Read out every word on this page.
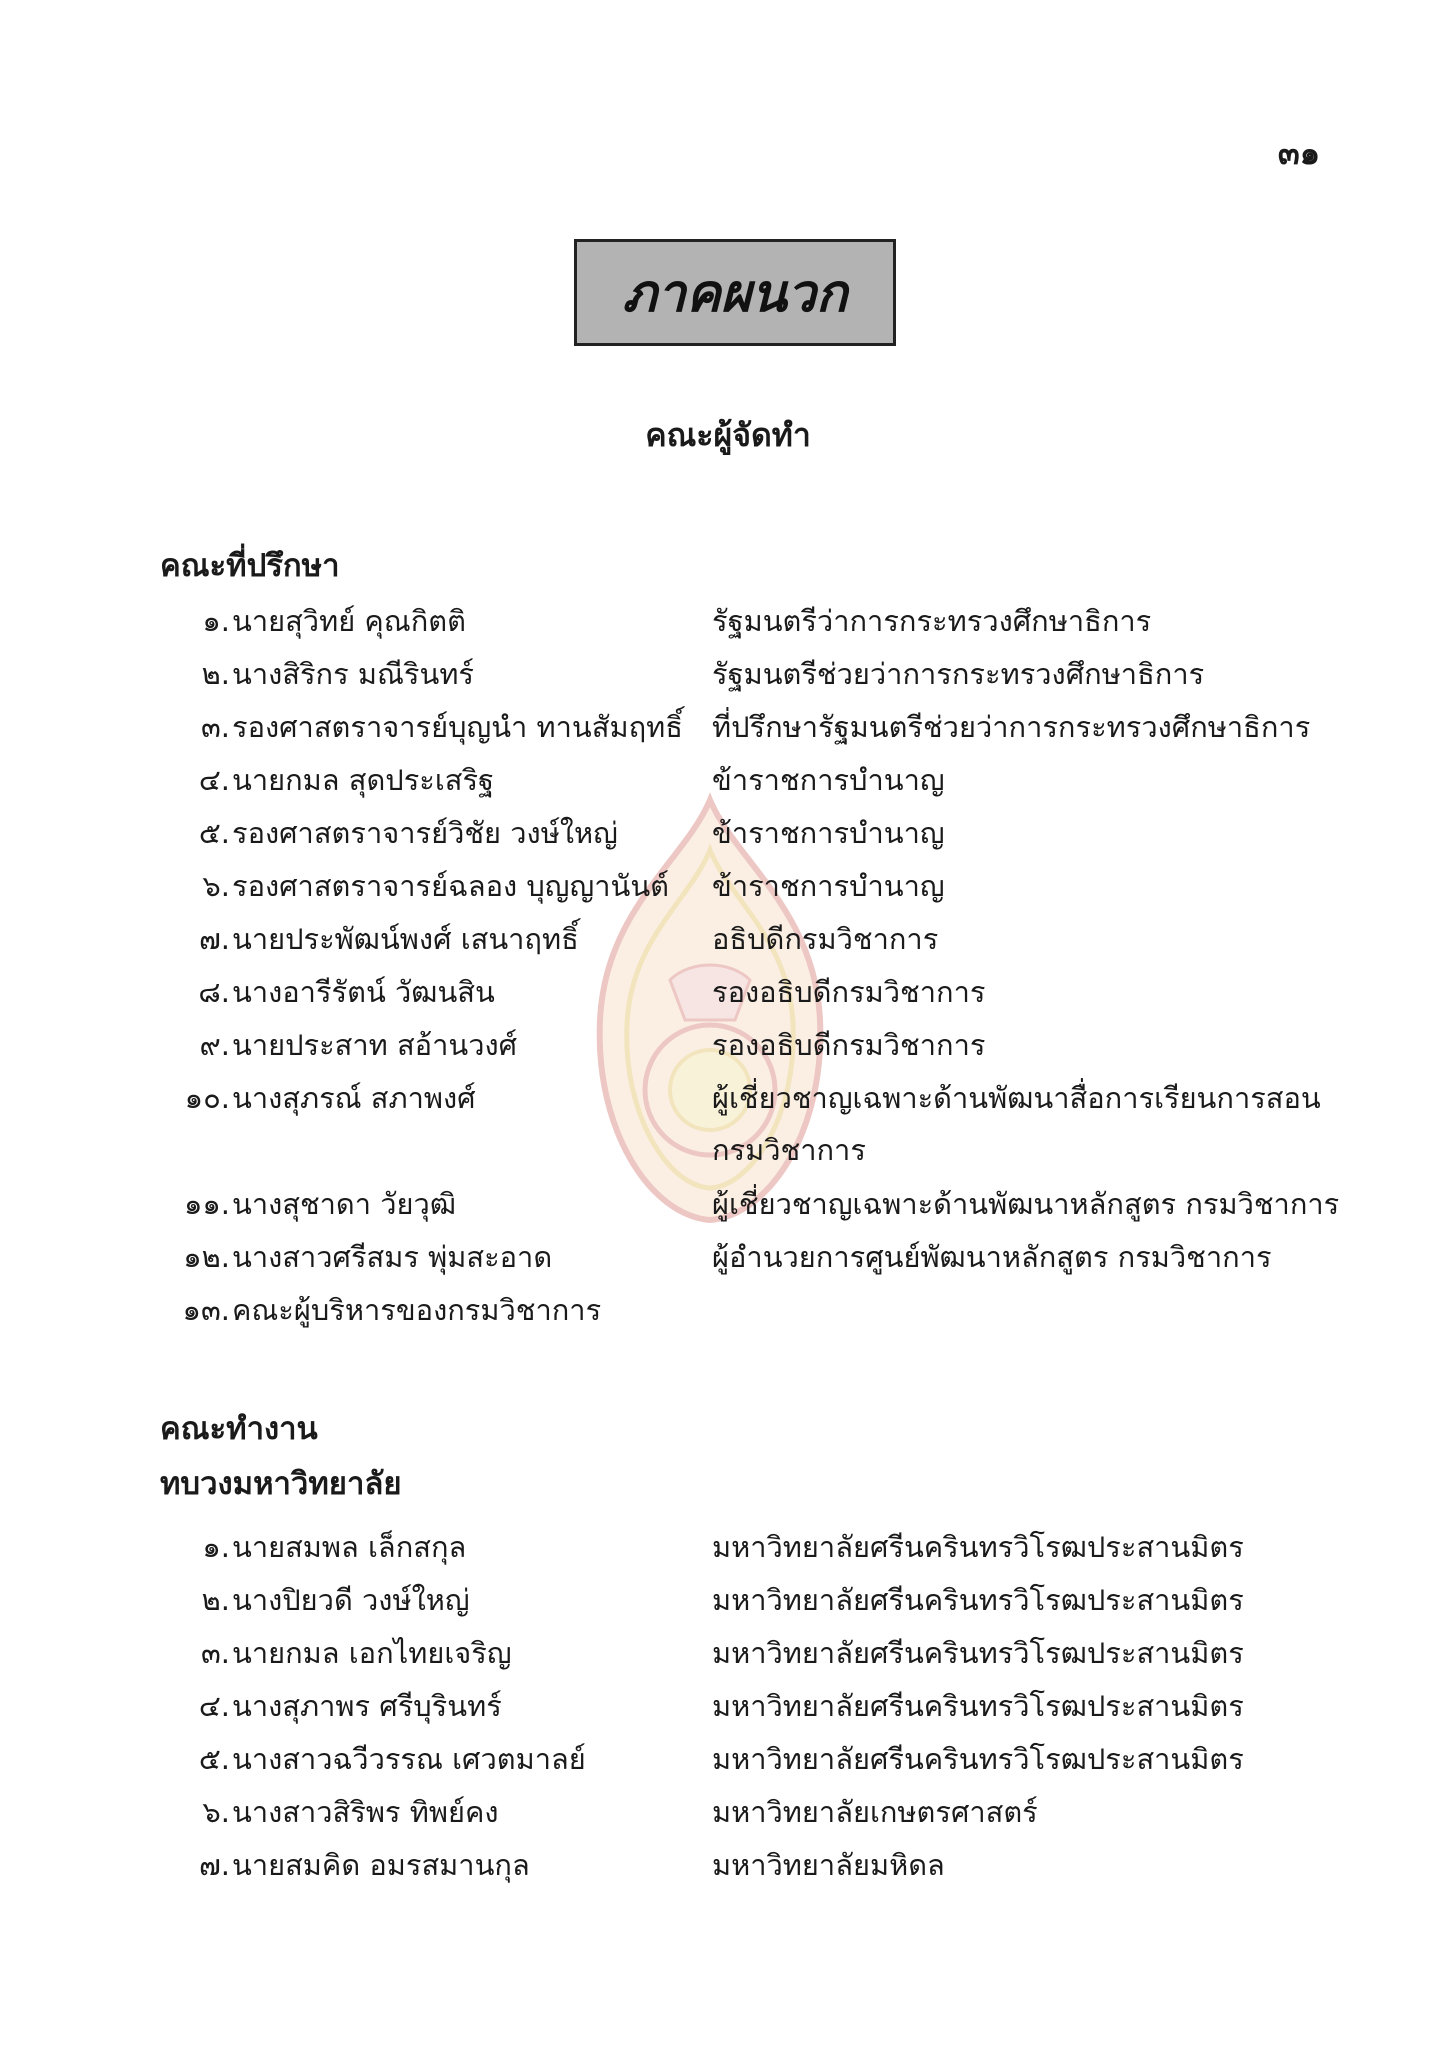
๓๑
ภาคผนวก
คณะผู้จัดทำ
คณะที่ปรึกษา
๑. นายสุวิทย์ คุณกิตติ	รัฐมนตรีว่าการกระทรวงศึกษาธิการ
๒. นางสิริกร มณีรินทร์	รัฐมนตรีช่วยว่าการกระทรวงศึกษาธิการ
๓. รองศาสตราจารย์บุญนำ ทานสัมฤทธิ์ ที่ปรึกษารัฐมนตรีช่วยว่าการกระทรวงศึกษาธิการ
๔. นายกมล สุดประเสริฐ	ข้าราชการบำนาญ
๕. รองศาสตราจารย์วิชัย วงษ์ใหญ่	ข้าราชการบำนาญ
๖. รองศาสตราจารย์ฉลอง บุญญานันต์ ข้าราชการบำนาญ
๗. นายประพัฒน์พงศ์ เสนาฤทธิ์	อธิบดีกรมวิชาการ
๘. นางอารีรัตน์ วัฒนสิน	รองอธิบดีกรมวิชาการ
๙. นายประสาท สอ้านวงศ์	รองอธิบดีกรมวิชาการ
๑๐. นางสุภรณ์ สภาพงศ์	ผู้เชี่ยวชาญเฉพาะด้านพัฒนาสื่อการเรียนการสอน
กรมวิชาการ
๑๑. นางสุชาดา วัยวุฒิ	ผู้เชี่ยวชาญเฉพาะด้านพัฒนาหลักสูตร กรมวิชาการ
๑๒. นางสาวศรีสมร พุ่มสะอาด	ผู้อำนวยการศูนย์พัฒนาหลักสูตร กรมวิชาการ
๑๓. คณะผู้บริหารของกรมวิชาการ
คณะทำงาน
ทบวงมหาวิทยาลัย
๑. นายสมพล เล็กสกุล	มหาวิทยาลัยศรีนครินทรวิโรฒประสานมิตร
๒. นางปิยวดี วงษ์ใหญ่	มหาวิทยาลัยศรีนครินทรวิโรฒประสานมิตร
๓. นายกมล เอกไทยเจริญ	มหาวิทยาลัยศรีนครินทรวิโรฒประสานมิตร
๔. นางสุภาพร ศรีบุรินทร์	มหาวิทยาลัยศรีนครินทรวิโรฒประสานมิตร
๕. นางสาวฉวีวรรณ เศวตมาลย์	มหาวิทยาลัยศรีนครินทรวิโรฒประสานมิตร
๖. นางสาวสิริพร ทิพย์คง	มหาวิทยาลัยเกษตรศาสตร์
๗. นายสมคิด อมรสมานกุล	มหาวิทยาลัยมหิดล
